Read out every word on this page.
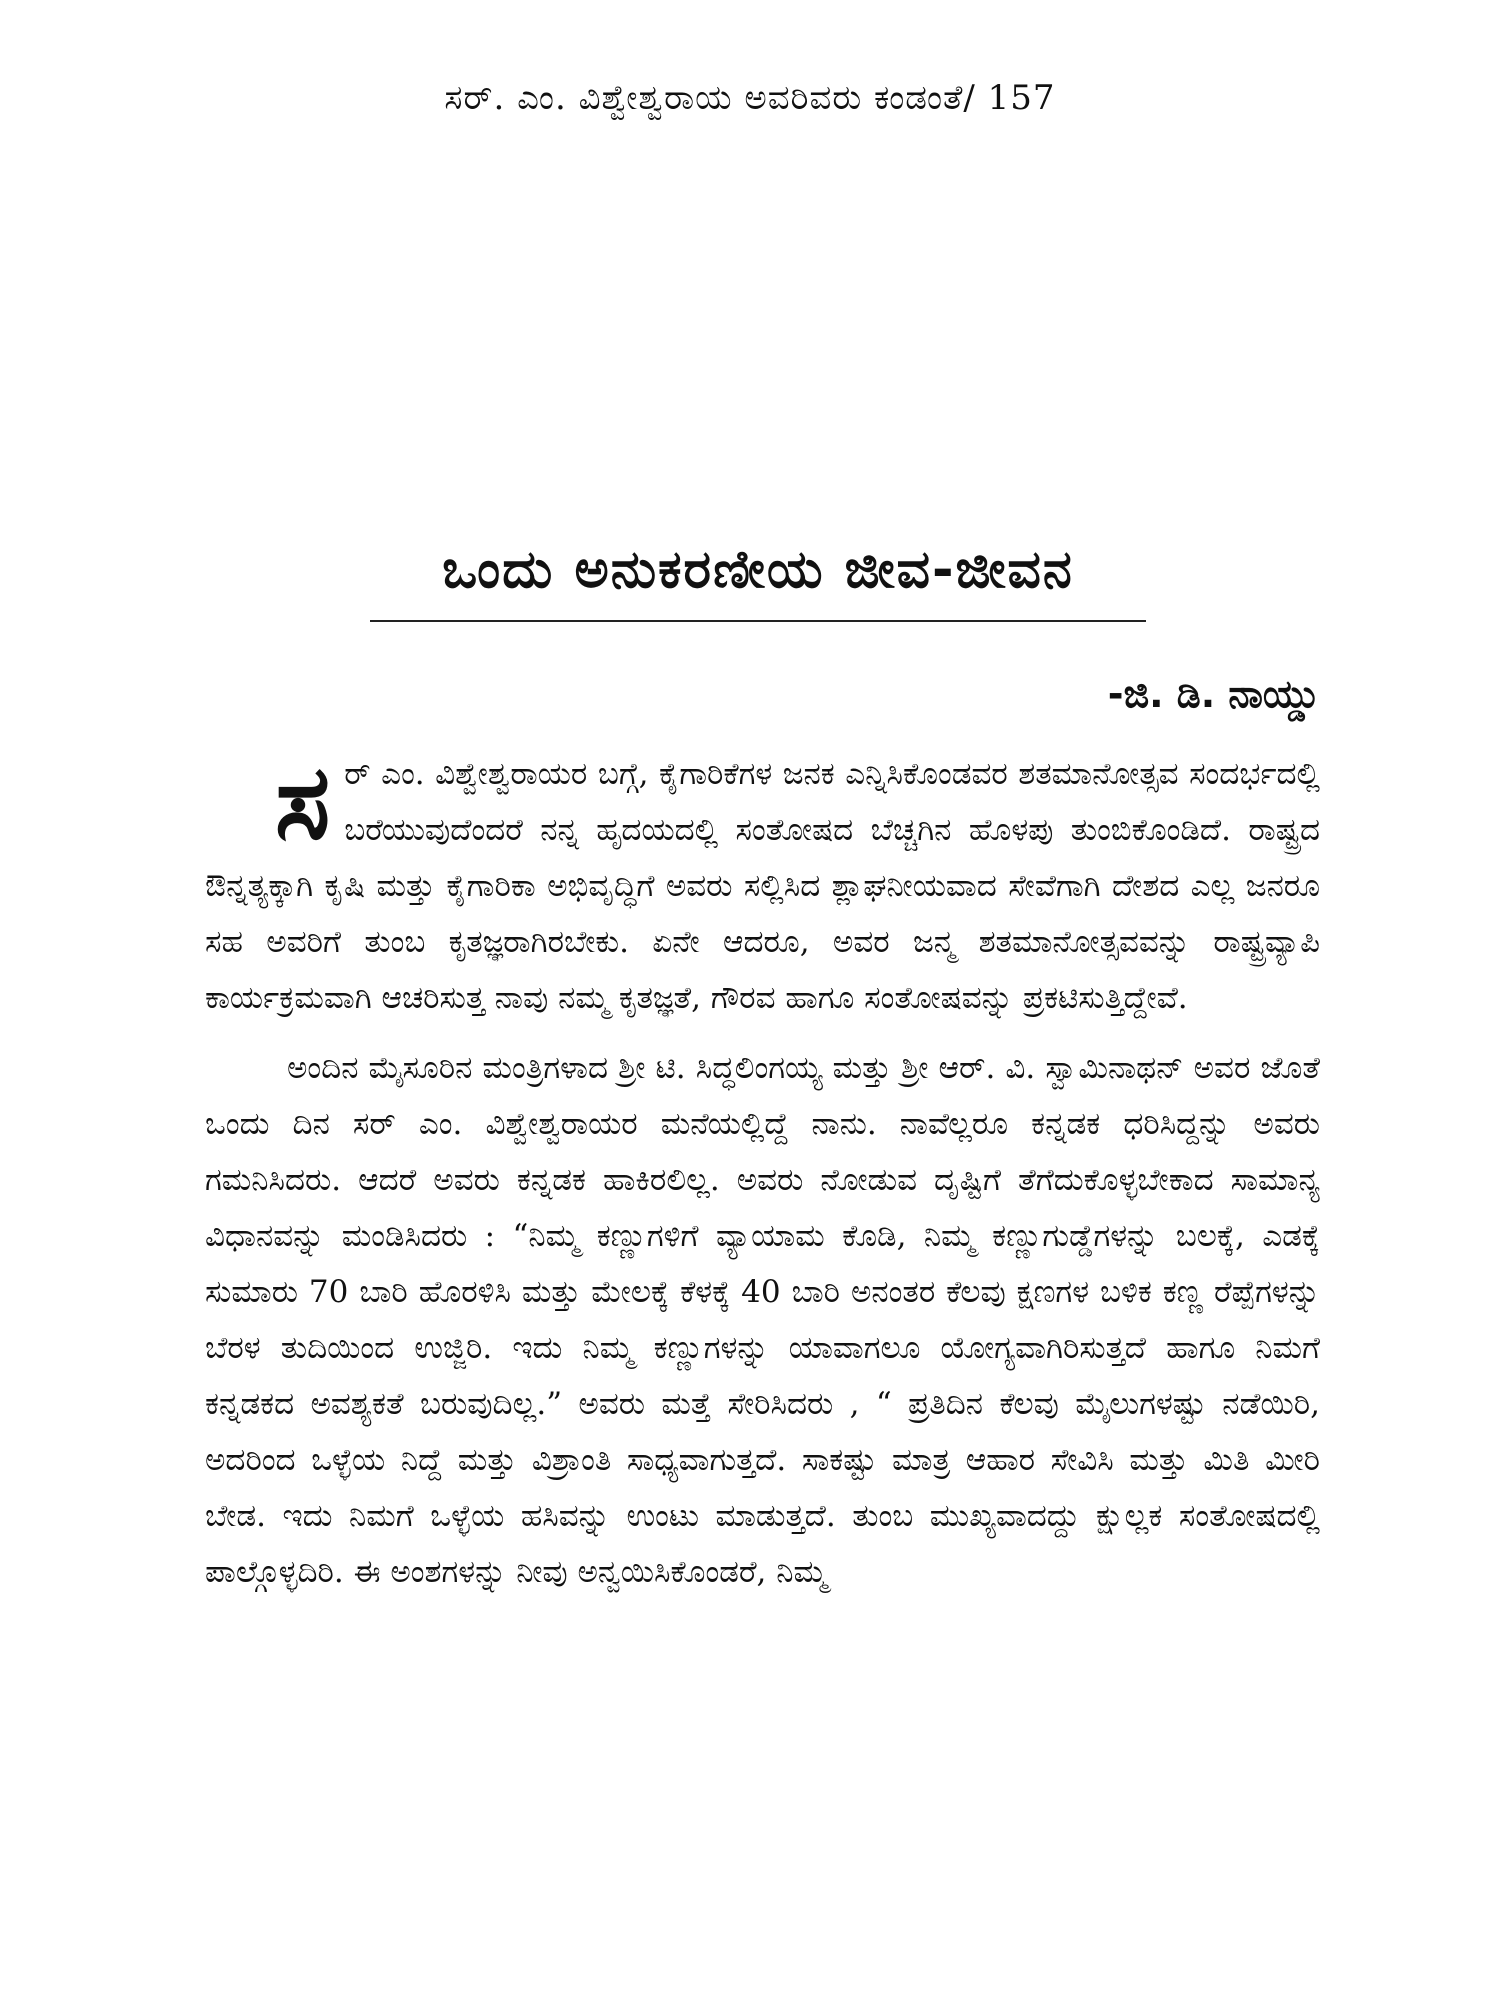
ಸರ್. ಎಂ. ವಿಶ್ವೇಶ್ವರಾಯ ಅವರಿವರು ಕಂಡಂತೆ/ 157
ಒಂದು ಅನುಕರಣೀಯ ಜೀವ-ಜೀವನ
-ಜಿ. ಡಿ. ನಾಯ್ಡು

ಸರ್ ಎಂ. ವಿಶ್ವೇಶ್ವರಾಯರ ಬಗ್ಗೆ, ಕೈಗಾರಿಕೆಗಳ ಜನಕ ಎನ್ನಿಸಿಕೊಂಡವರ ಶತಮಾನೋತ್ಸವ ಸಂದರ್ಭದಲ್ಲಿ ಬರೆಯುವುದೆಂದರೆ ನನ್ನ ಹೃದಯದಲ್ಲಿ ಸಂತೋಷದ ಬೆಚ್ಚಗಿನ ಹೊಳಪು ತುಂಬಿಕೊಂಡಿದೆ. ರಾಷ್ಟ್ರದ ಔನ್ನತ್ಯಕ್ಕಾಗಿ ಕೃಷಿ ಮತ್ತು ಕೈಗಾರಿಕಾ ಅಭಿವೃದ್ಧಿಗೆ ಅವರು ಸಲ್ಲಿಸಿದ ಶ್ಲಾಘನೀಯವಾದ ಸೇವೆಗಾಗಿ ದೇಶದ ಎಲ್ಲ ಜನರೂ ಸಹ ಅವರಿಗೆ ತುಂಬ ಕೃತಜ್ಞರಾಗಿರಬೇಕು. ಏನೇ ಆದರೂ, ಅವರ ಜನ್ಮ ಶತಮಾನೋತ್ಸವವನ್ನು ರಾಷ್ಟ್ರವ್ಯಾಪಿ ಕಾರ್ಯಕ್ರಮವಾಗಿ ಆಚರಿಸುತ್ತ ನಾವು ನಮ್ಮ ಕೃತಜ್ಞತೆ, ಗೌರವ ಹಾಗೂ ಸಂತೋಷವನ್ನು ಪ್ರಕಟಿಸುತ್ತಿದ್ದೇವೆ.

ಅಂದಿನ ಮೈಸೂರಿನ ಮಂತ್ರಿಗಳಾದ ಶ್ರೀ ಟಿ. ಸಿದ್ಧಲಿಂಗಯ್ಯ ಮತ್ತು ಶ್ರೀ ಆರ್. ವಿ. ಸ್ವಾಮಿನಾಥನ್ ಅವರ ಜೊತೆ ಒಂದು ದಿನ ಸರ್ ಎಂ. ವಿಶ್ವೇಶ್ವರಾಯರ ಮನೆಯಲ್ಲಿದ್ದೆ ನಾನು. ನಾವೆಲ್ಲರೂ ಕನ್ನಡಕ ಧರಿಸಿದ್ದನ್ನು ಅವರು ಗಮನಿಸಿದರು. ಆದರೆ ಅವರು ಕನ್ನಡಕ ಹಾಕಿರಲಿಲ್ಲ. ಅವರು ನೋಡುವ ದೃಷ್ಟಿಗೆ ತೆಗೆದುಕೊಳ್ಳಬೇಕಾದ ಸಾಮಾನ್ಯ ವಿಧಾನವನ್ನು ಮಂಡಿಸಿದರು : “ನಿಮ್ಮ ಕಣ್ಣುಗಳಿಗೆ ವ್ಯಾಯಾಮ ಕೊಡಿ, ನಿಮ್ಮ ಕಣ್ಣುಗುಡ್ಡೆಗಳನ್ನು ಬಲಕ್ಕೆ, ಎಡಕ್ಕೆ ಸುಮಾರು 70 ಬಾರಿ ಹೊರಳಿಸಿ ಮತ್ತು ಮೇಲಕ್ಕೆ ಕೆಳಕ್ಕೆ 40 ಬಾರಿ ಅನಂತರ ಕೆಲವು ಕ್ಷಣಗಳ ಬಳಿಕ ಕಣ್ಣ ರೆಪ್ಪೆಗಳನ್ನು ಬೆರಳ ತುದಿಯಿಂದ ಉಜ್ಜಿರಿ. ಇದು ನಿಮ್ಮ ಕಣ್ಣುಗಳನ್ನು ಯಾವಾಗಲೂ ಯೋಗ್ಯವಾಗಿರಿಸುತ್ತದೆ ಹಾಗೂ ನಿಮಗೆ ಕನ್ನಡಕದ ಅವಶ್ಯಕತೆ ಬರುವುದಿಲ್ಲ.” ಅವರು ಮತ್ತೆ ಸೇರಿಸಿದರು , “ ಪ್ರತಿದಿನ ಕೆಲವು ಮೈಲುಗಳಷ್ಟು ನಡೆಯಿರಿ, ಅದರಿಂದ ಒಳ್ಳೆಯ ನಿದ್ದೆ ಮತ್ತು ವಿಶ್ರಾಂತಿ ಸಾಧ್ಯವಾಗುತ್ತದೆ. ಸಾಕಷ್ಟು ಮಾತ್ರ ಆಹಾರ ಸೇವಿಸಿ ಮತ್ತು ಮಿತಿ ಮೀರಿ ಬೇಡ. ಇದು ನಿಮಗೆ ಒಳ್ಳೆಯ ಹಸಿವನ್ನು ಉಂಟು ಮಾಡುತ್ತದೆ. ತುಂಬ ಮುಖ್ಯವಾದದ್ದು ಕ್ಷುಲ್ಲಕ ಸಂತೋಷದಲ್ಲಿ ಪಾಲ್ಗೊಳ್ಳದಿರಿ. ಈ ಅಂಶಗಳನ್ನು ನೀವು ಅನ್ವಯಿಸಿಕೊಂಡರೆ, ನಿಮ್ಮ
